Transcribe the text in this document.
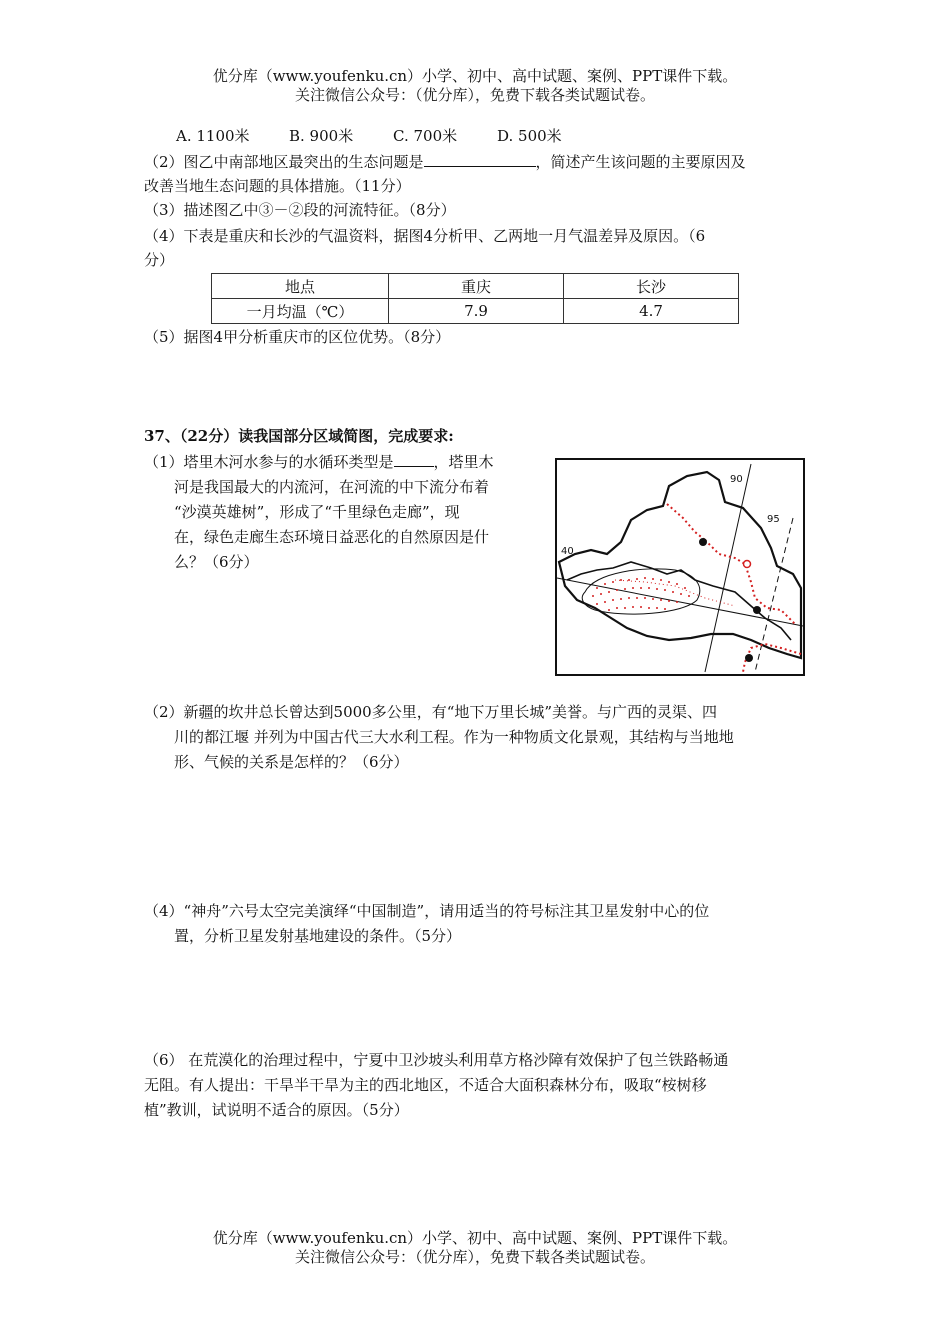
优分库（www.youfenku.cn）小学、初中、高中试题、案例、PPT课件下载。
关注微信公众号：（优分库），免费下载各类试题试卷。
A. 1100米	B. 900米	C. 700米	D. 500米
（2）图乙中南部地区最突出的生态问题是	，简述产生该问题的主要原因及
改善当地生态问题的具体措施。（11分）
（3）描述图乙中③－②段的河流特征。（8分）
（4）下表是重庆和长沙的气温资料，据图4分析甲、乙两地一月气温差异及原因。（6
分）
地点	重庆	长沙
一月均温（℃）	7.9	4.7
（5）据图4甲分析重庆市的区位优势。（8分）
37、（22分）读我国部分区域简图，完成要求:
（1）塔里木河水参与的水循环类型是	，塔里木
河是我国最大的内流河，在河流的中下流分布着
“沙漠英雄树”，形成了“千里绿色走廊”，现
在，绿色走廊生态环境日益恶化的自然原因是什
么？（6分）
90
95
40
（2）新疆的坎井总长曾达到5000多公里，有“地下万里长城”美誉。与广西的灵渠、四
川的都江堰 并列为中国古代三大水利工程。作为一种物质文化景观，其结构与当地地
形、气候的关系是怎样的？（6分）
（4）“神舟”六号太空完美演绎“中国制造”，请用适当的符号标注其卫星发射中心的位
置，分析卫星发射基地建设的条件。（5分）
（6） 在荒漠化的治理过程中，宁夏中卫沙坡头利用草方格沙障有效保护了包兰铁路畅通
无阻。有人提出：干旱半干旱为主的西北地区，不适合大面积森林分布，吸取“桉树移
植”教训，试说明不适合的原因。（5分）
优分库（www.youfenku.cn）小学、初中、高中试题、案例、PPT课件下载。
关注微信公众号：（优分库），免费下载各类试题试卷。
